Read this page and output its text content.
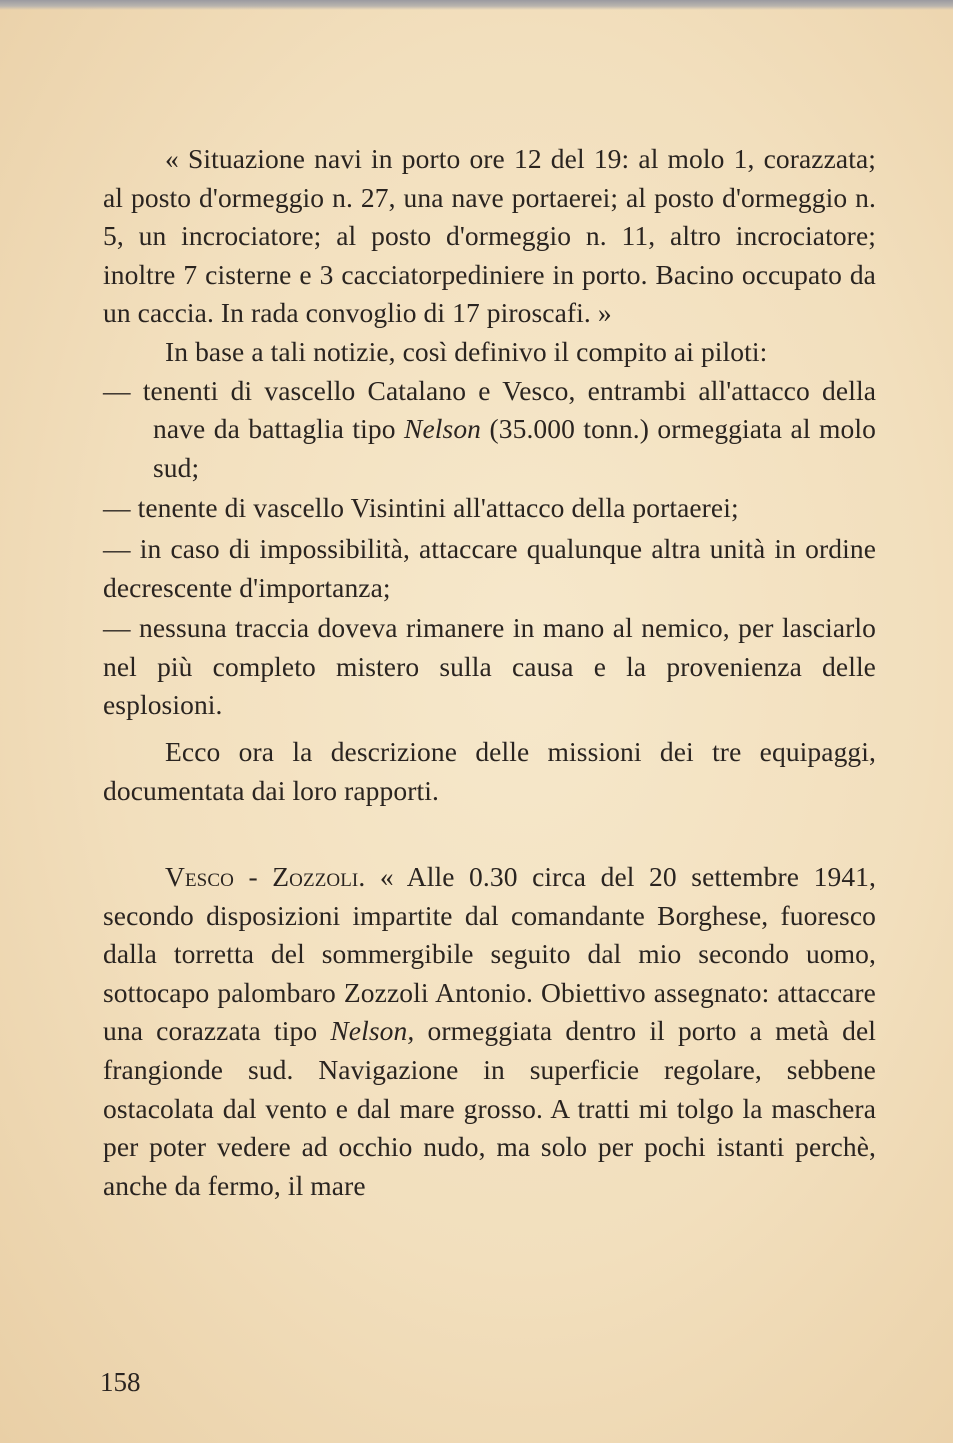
« Situazione navi in porto ore 12 del 19: al molo 1, corazzata; al posto d'ormeggio n. 27, una nave portaerei; al posto d'ormeggio n. 5, un incrociatore; al posto d'ormeggio n. 11, altro incrociatore; inoltre 7 cisterne e 3 cacciatorpediniere in porto. Bacino occupato da un caccia. In rada convoglio di 17 piroscafi. »

In base a tali notizie, così definivo il compito ai piloti:

— tenenti di vascello Catalano e Vesco, entrambi all'attacco della nave da battaglia tipo Nelson (35.000 tonn.) ormeggiata al molo sud;

— tenente di vascello Visintini all'attacco della portaerei;

— in caso di impossibilità, attaccare qualunque altra unità in ordine decrescente d'importanza;

— nessuna traccia doveva rimanere in mano al nemico, per lasciarlo nel più completo mistero sulla causa e la provenienza delle esplosioni.

Ecco ora la descrizione delle missioni dei tre equipaggi, documentata dai loro rapporti.

Vesco - Zozzoli. « Alle 0.30 circa del 20 settembre 1941, secondo disposizioni impartite dal comandante Borghese, fuoresco dalla torretta del sommergibile seguito dal mio secondo uomo, sottocapo palombaro Zozzoli Antonio. Obiettivo assegnato: attaccare una corazzata tipo Nelson, ormeggiata dentro il porto a metà del frangionde sud. Navigazione in superficie regolare, sebbene ostacolata dal vento e dal mare grosso. A tratti mi tolgo la maschera per poter vedere ad occhio nudo, ma solo per pochi istanti perchè, anche da fermo, il mare

158
